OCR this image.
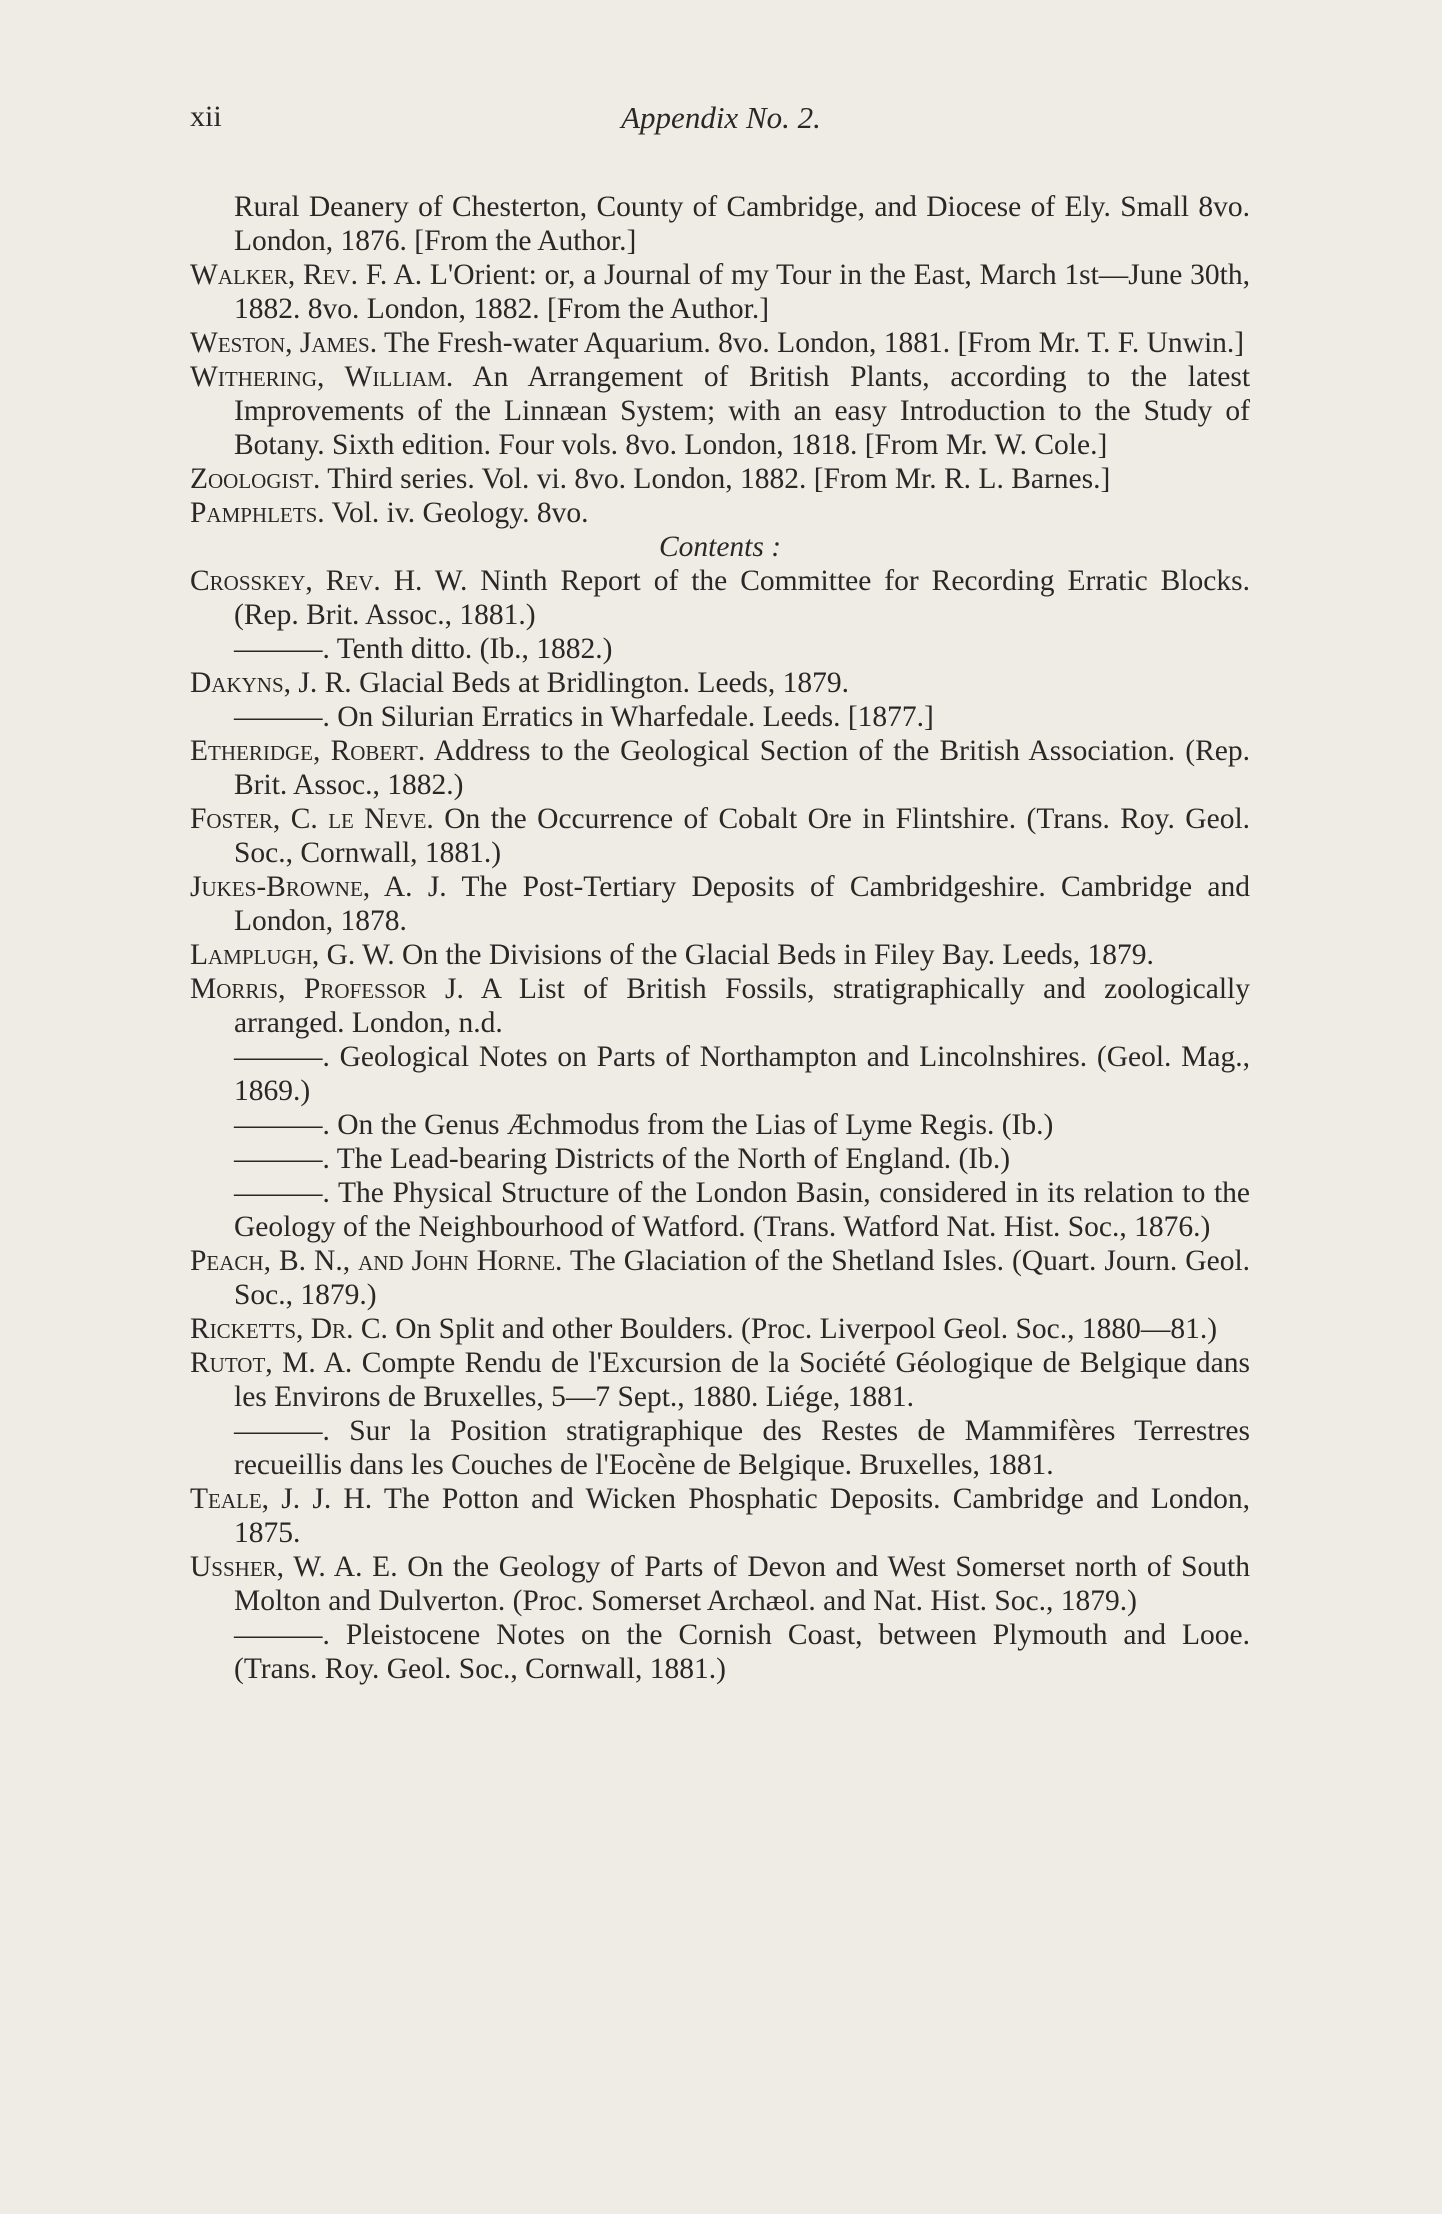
xii	Appendix No. 2.

Rural Deanery of Chesterton, County of Cambridge, and Diocese of Ely. Small 8vo. London, 1876. [From the Author.]

Walker, Rev. F. A. L'Orient: or, a Journal of my Tour in the East, March 1st—June 30th, 1882. 8vo. London, 1882. [From the Author.]

Weston, James. The Fresh-water Aquarium. 8vo. London, 1881. [From Mr. T. F. Unwin.]

Withering, William. An Arrangement of British Plants, according to the latest Improvements of the Linnæan System; with an easy Introduction to the Study of Botany. Sixth edition. Four vols. 8vo. London, 1818. [From Mr. W. Cole.]

Zoologist. Third series. Vol. vi. 8vo. London, 1882. [From Mr. R. L. Barnes.]

Pamphlets. Vol. iv. Geology. 8vo.

Contents :

Crosskey, Rev. H. W. Ninth Report of the Committee for Recording Erratic Blocks. (Rep. Brit. Assoc., 1881.)

———. Tenth ditto. (Ib., 1882.)

Dakyns, J. R. Glacial Beds at Bridlington. Leeds, 1879.

———. On Silurian Erratics in Wharfedale. Leeds. [1877.]

Etheridge, Robert. Address to the Geological Section of the British Association. (Rep. Brit. Assoc., 1882.)

Foster, C. le Neve. On the Occurrence of Cobalt Ore in Flintshire. (Trans. Roy. Geol. Soc., Cornwall, 1881.)

Jukes-Browne, A. J. The Post-Tertiary Deposits of Cambridgeshire. Cambridge and London, 1878.

Lamplugh, G. W. On the Divisions of the Glacial Beds in Filey Bay. Leeds, 1879.

Morris, Professor J. A List of British Fossils, stratigraphically and zoologically arranged. London, n.d.

———. Geological Notes on Parts of Northampton and Lincolnshires. (Geol. Mag., 1869.)

———. On the Genus Æchmodus from the Lias of Lyme Regis. (Ib.)

———. The Lead-bearing Districts of the North of England. (Ib.)

———. The Physical Structure of the London Basin, considered in its relation to the Geology of the Neighbourhood of Watford. (Trans. Watford Nat. Hist. Soc., 1876.)

Peach, B. N., and John Horne. The Glaciation of the Shetland Isles. (Quart. Journ. Geol. Soc., 1879.)

Ricketts, Dr. C. On Split and other Boulders. (Proc. Liverpool Geol. Soc., 1880—81.)

Rutot, M. A. Compte Rendu de l'Excursion de la Société Géologique de Belgique dans les Environs de Bruxelles, 5—7 Sept., 1880. Liége, 1881.

———. Sur la Position stratigraphique des Restes de Mammifères Terrestres recueillis dans les Couches de l'Eocène de Belgique. Bruxelles, 1881.

Teale, J. J. H. The Potton and Wicken Phosphatic Deposits. Cambridge and London, 1875.

Ussher, W. A. E. On the Geology of Parts of Devon and West Somerset north of South Molton and Dulverton. (Proc. Somerset Archæol. and Nat. Hist. Soc., 1879.)

———. Pleistocene Notes on the Cornish Coast, between Plymouth and Looe. (Trans. Roy. Geol. Soc., Cornwall, 1881.)
